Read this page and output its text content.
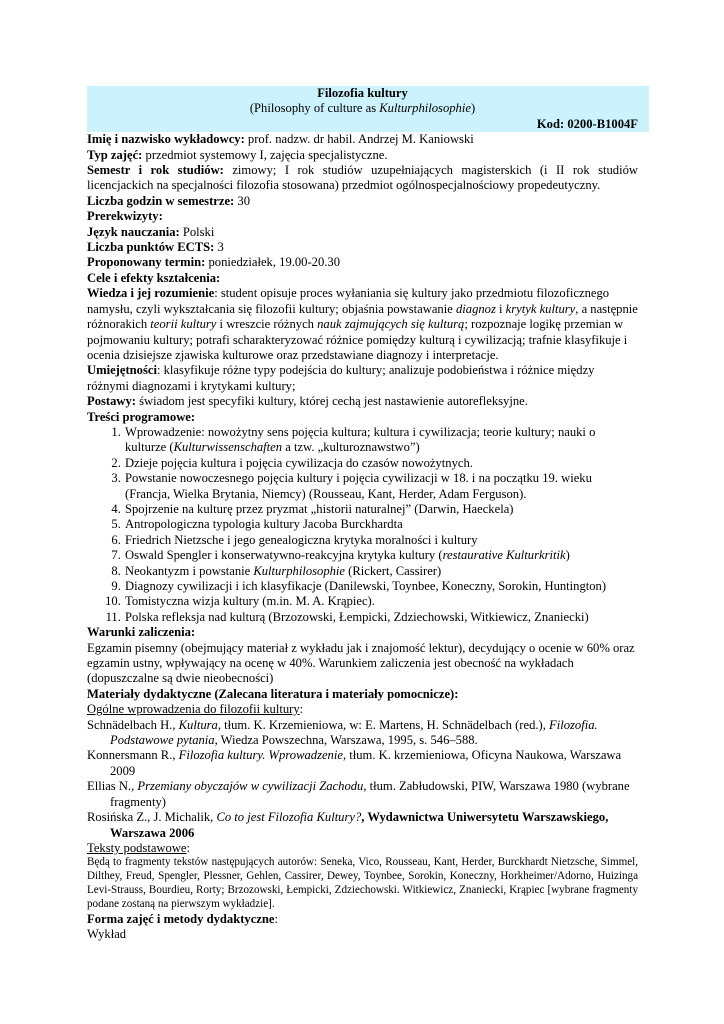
Filozofia kultury

(Philosophy of culture as Kulturphilosophie)

Kod: 0200-B1004F

Imię i nazwisko wykładowcy: prof. nadzw. dr habil. Andrzej M. Kaniowski

Typ zajęć: przedmiot systemowy I, zajęcia specjalistyczne.

Semestr i rok studiów: zimowy; I rok studiów uzupełniających magisterskich (i II rok studiów licencjackich na specjalności filozofia stosowana) przedmiot ogólnospecjalnościowy propedeutyczny.

Liczba godzin w semestrze: 30

Prerekwizyty:

Język nauczania: Polski

Liczba punktów ECTS: 3

Proponowany termin: poniedziałek, 19.00-20.30

Cele i efekty kształcenia:

Wiedza i jej rozumienie: student opisuje proces wyłaniania się kultury jako przedmiotu filozoficznego namysłu, czyli wykształcania się filozofii kultury; objaśnia powstawanie diagnoz i krytyk kultury, a następnie różnorakich teorii kultury i wreszcie różnych nauk zajmujących się kulturą; rozpoznaje logikę przemian w pojmowaniu kultury; potrafi scharakteryzować różnice pomiędzy kulturą i cywilizacją; trafnie klasyfikuje i ocenia dzisiejsze zjawiska kulturowe oraz przedstawiane diagnozy i interpretacje.

Umiejętności: klasyfikuje różne typy podejścia do kultury; analizuje podobieństwa i różnice między różnymi diagnozami i krytykami kultury;

Postawy: świadom jest specyfiki kultury, której cechą jest nastawienie autorefleksyjne.

Treści programowe:

1. Wprowadzenie: nowożytny sens pojęcia kultura; kultura i cywilizacja; teorie kultury; nauki o kulturze (Kulturwissenschaften a tzw. „kulturoznawstwo”)
2. Dzieje pojęcia kultura i pojęcia cywilizacja do czasów nowożytnych.
3. Powstanie nowoczesnego pojęcia kultury i pojęcia cywilizacji w 18. i na początku 19. wieku (Francja, Wielka Brytania, Niemcy) (Rousseau, Kant, Herder, Adam Ferguson).
4. Spojrzenie na kulturę przez pryzmat „historii naturalnej” (Darwin, Haeckela)
5. Antropologiczna typologia kultury Jacoba Burckhardta
6. Friedrich Nietzsche i jego genealogiczna krytyka moralności i kultury
7. Oswald Spengler i konserwatywno-reakcyjna krytyka kultury (restaurative Kulturkritik)
8. Neokantyzm i powstanie Kulturphilosophie (Rickert, Cassirer)
9. Diagnozy cywilizacji i ich klasyfikacje (Danilewski, Toynbee, Koneczny, Sorokin, Huntington)
10. Tomistyczna wizja kultury (m.in. M. A. Krąpiec).
11. Polska refleksja nad kulturą (Brzozowski, Łempicki, Zdziechowski, Witkiewicz, Znaniecki)

Warunki zaliczenia:

Egzamin pisemny (obejmujący materiał z wykładu jak i znajomość lektur), decydujący o ocenie w 60% oraz egzamin ustny, wpływający na ocenę w 40%. Warunkiem zaliczenia jest obecność na wykładach (dopuszczalne są dwie nieobecności)

Materiały dydaktyczne (Zalecana literatura i materiały pomocnicze):

Ogólne wprowadzenia do filozofii kultury:

Schnädelbach H., Kultura, tłum. K. Krzemieniowa, w: E. Martens, H. Schnädelbach (red.), Filozofia. Podstawowe pytania, Wiedza Powszechna, Warszawa, 1995, s. 546–588.

Konnersmann R., Filozofia kultury. Wprowadzenie, tłum. K. krzemieniowa, Oficyna Naukowa, Warszawa 2009

Ellias N., Przemiany obyczajów w cywilizacji Zachodu, tłum. Zabłudowski, PIW, Warszawa 1980 (wybrane fragmenty)

Rosińska Z., J. Michalik, Co to jest Filozofia Kultury?, Wydawnictwa Uniwersytetu Warszawskiego, Warszawa 2006

Teksty podstawowe:

Będą to fragmenty tekstów następujących autorów: Seneka, Vico, Rousseau, Kant, Herder, Burckhardt Nietzsche, Simmel, Dilthey, Freud, Spengler, Plessner, Gehlen, Cassirer, Dewey, Toynbee, Sorokin, Koneczny, Horkheimer/Adorno, Huizinga Levi-Strauss, Bourdieu, Rorty; Brzozowski, Łempicki, Zdziechowski. Witkiewicz, Znaniecki, Krąpiec [wybrane fragmenty podane zostaną na pierwszym wykładzie].

Forma zajęć i metody dydaktyczne:

Wykład
